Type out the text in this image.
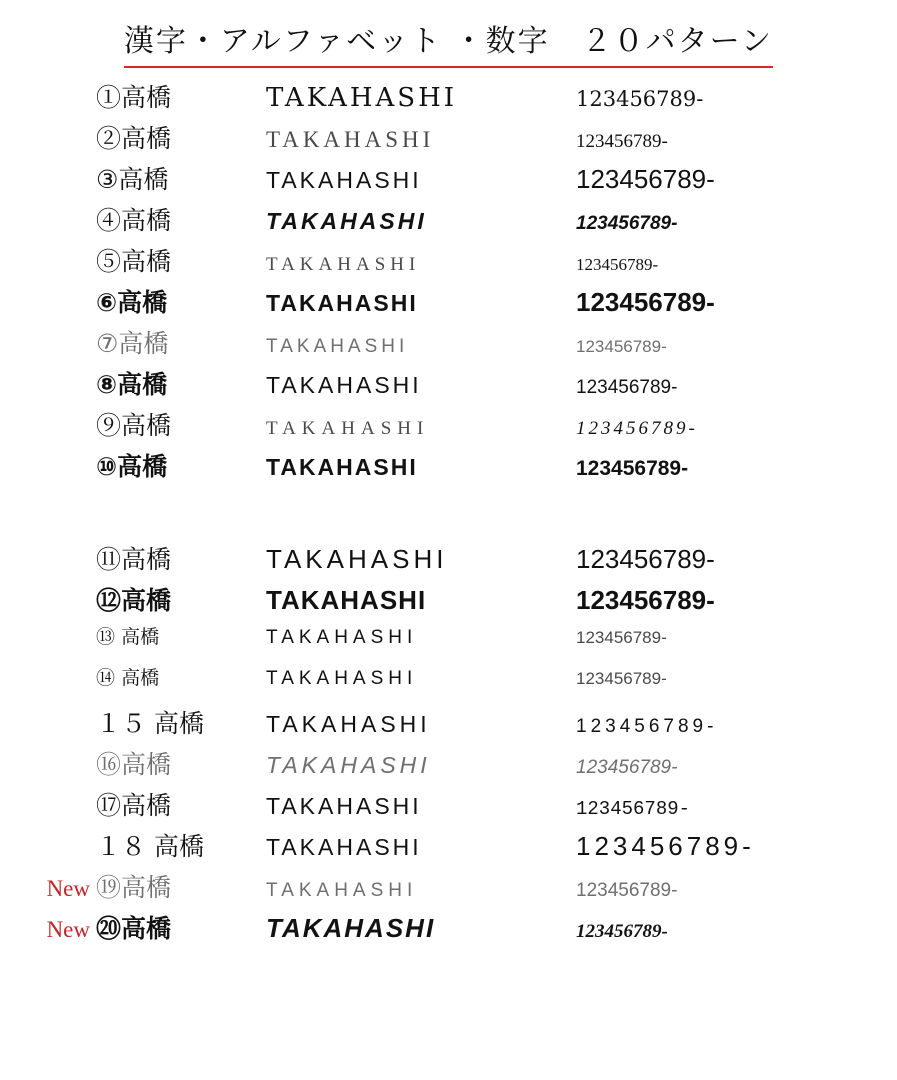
漢字・アルファベット ・数字　２０パターン
①高橋	TAKAHASHI	123456789-
②高橋	TAKAHASHI	123456789-
③高橋	TAKAHASHI	123456789-
④高橋	TAKAHASHI	123456789-
⑤高橋	TAKAHASHI	123456789-
⑥高橋	TAKAHASHI	123456789-
⑦高橋	TAKAHASHI	123456789-
⑧高橋	TAKAHASHI	123456789-
⑨高橋	TAKAHASHI	123456789-
⑩高橋	TAKAHASHI	123456789-
⑪高橋	TAKAHASHI	123456789-
⑫高橋	TAKAHASHI	123456789-
⑬ 高橋	TAKAHASHI	123456789-
⑭ 高橋	TAKAHASHI	123456789-
１５ 高橋	TAKAHASHI	123456789-
⑯高橋	TAKAHASHI	123456789-
⑰高橋	TAKAHASHI	123456789-
１８ 高橋	TAKAHASHI	123456789-
New ⑲高橋	TAKAHASHI	123456789-
New ⑳高橋	TAKAHASHI	123456789-
